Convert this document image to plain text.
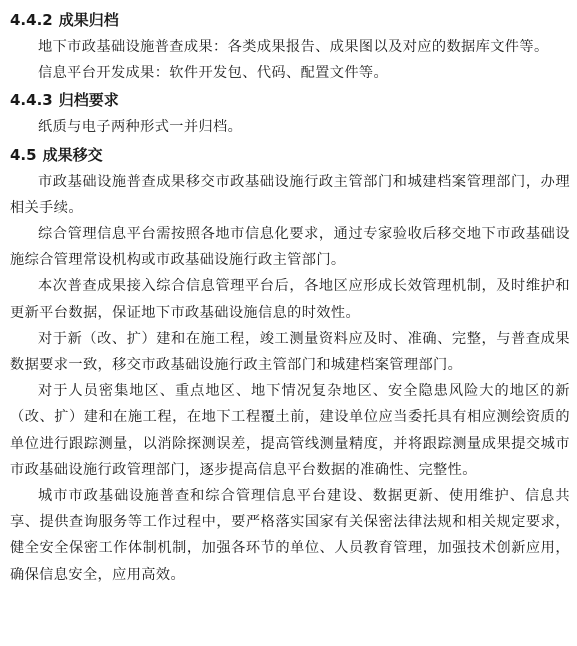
4.4.2 成果归档

地下市政基础设施普查成果：各类成果报告、成果图以及对应的数据库文件等。

信息平台开发成果：软件开发包、代码、配置文件等。

4.4.3 归档要求

纸质与电子两种形式一并归档。

4.5 成果移交

市政基础设施普查成果移交市政基础设施行政主管部门和城建档案管理部门，办理相关手续。

综合管理信息平台需按照各地市信息化要求，通过专家验收后移交地下市政基础设施综合管理常设机构或市政基础设施行政主管部门。

本次普查成果接入综合信息管理平台后，各地区应形成长效管理机制，及时维护和更新平台数据，保证地下市政基础设施信息的时效性。

对于新（改、扩）建和在施工程，竣工测量资料应及时、准确、完整，与普查成果数据要求一致，移交市政基础设施行政主管部门和城建档案管理部门。

对于人员密集地区、重点地区、地下情况复杂地区、安全隐患风险大的地区的新（改、扩）建和在施工程，在地下工程覆土前，建设单位应当委托具有相应测绘资质的单位进行跟踪测量，以消除探测误差，提高管线测量精度，并将跟踪测量成果提交城市市政基础设施行政管理部门，逐步提高信息平台数据的准确性、完整性。

城市市政基础设施普查和综合管理信息平台建设、数据更新、使用维护、信息共享、提供查询服务等工作过程中，要严格落实国家有关保密法律法规和相关规定要求，健全安全保密工作体制机制，加强各环节的单位、人员教育管理，加强技术创新应用，确保信息安全，应用高效。
